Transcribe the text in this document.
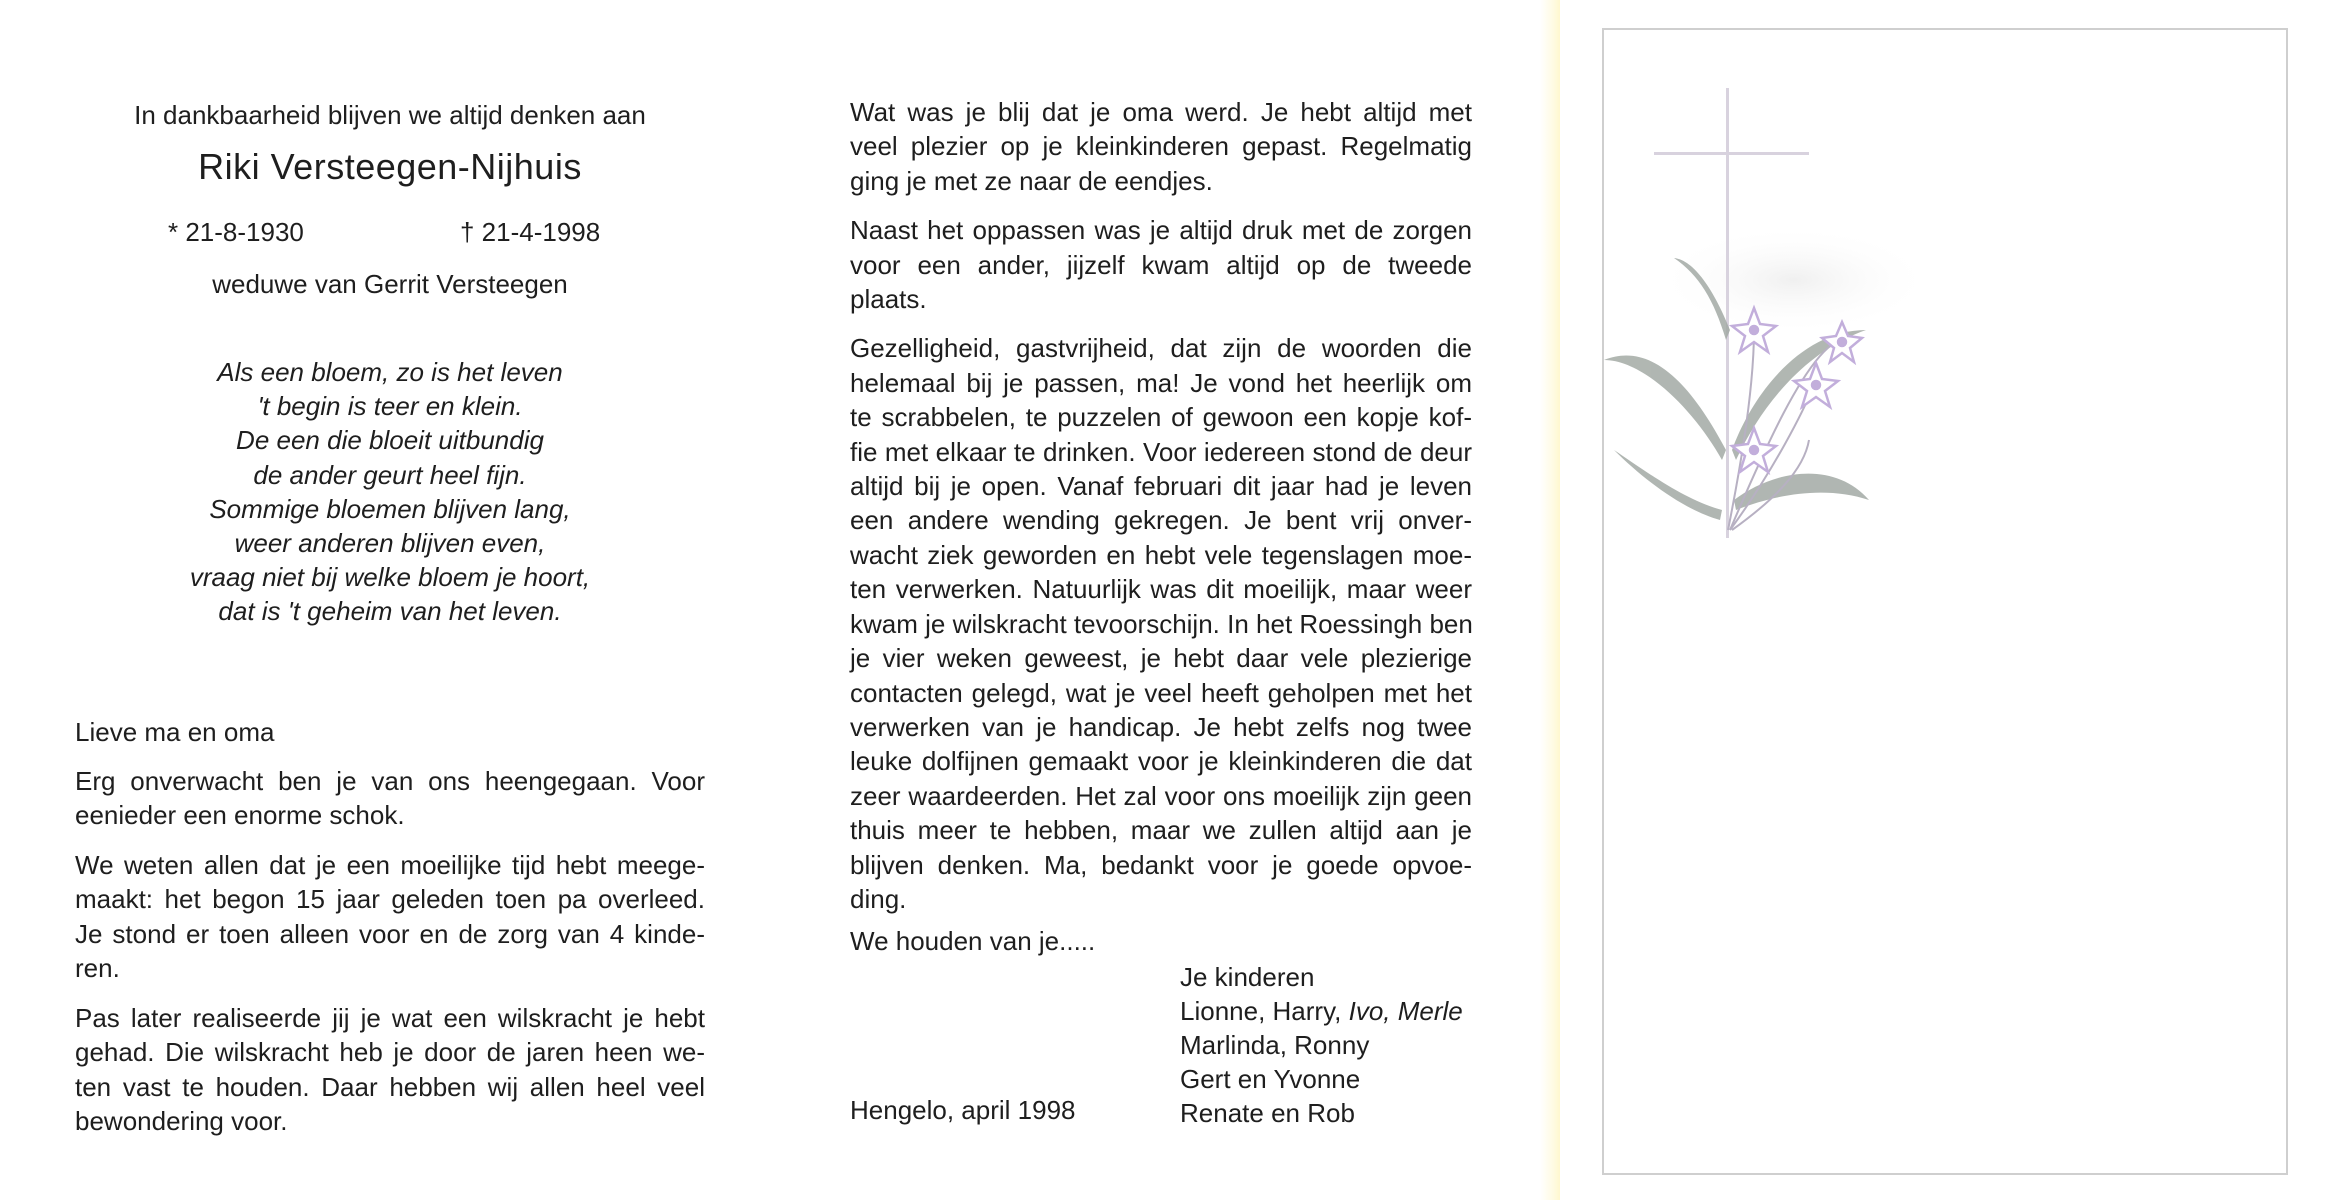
In dankbaarheid blijven we altijd denken aan
Riki Versteegen-Nijhuis
* 21-8-1930	† 21-4-1998
weduwe van Gerrit Versteegen
Als een bloem, zo is het leven
't begin is teer en klein.
De een die bloeit uitbundig
de ander geurt heel fijn.
Sommige bloemen blijven lang,
weer anderen blijven even,
vraag niet bij welke bloem je hoort,
dat is 't geheim van het leven.

Lieve ma en oma

Erg onverwacht ben je van ons heengegaan. Voor
eenieder een enorme schok.

We weten allen dat je een moeilijke tijd hebt meege-
maakt: het begon 15 jaar geleden toen pa overleed.
Je stond er toen alleen voor en de zorg van 4 kinde-
ren.

Pas later realiseerde jij je wat een wilskracht je hebt
gehad. Die wilskracht heb je door de jaren heen we-
ten vast te houden. Daar hebben wij allen heel veel
bewondering voor.

Wat was je blij dat je oma werd. Je hebt altijd met
veel plezier op je kleinkinderen gepast. Regelmatig
ging je met ze naar de eendjes.

Naast het oppassen was je altijd druk met de zorgen
voor een ander, jijzelf kwam altijd op de tweede
plaats.

Gezelligheid, gastvrijheid, dat zijn de woorden die
helemaal bij je passen, ma! Je vond het heerlijk om
te scrabbelen, te puzzelen of gewoon een kopje kof-
fie met elkaar te drinken. Voor iedereen stond de deur
altijd bij je open. Vanaf februari dit jaar had je leven
een andere wending gekregen. Je bent vrij onver-
wacht ziek geworden en hebt vele tegenslagen moe-
ten verwerken. Natuurlijk was dit moeilijk, maar weer
kwam je wilskracht tevoorschijn. In het Roessingh ben
je vier weken geweest, je hebt daar vele plezierige
contacten gelegd, wat je veel heeft geholpen met het
verwerken van je handicap. Je hebt zelfs nog twee
leuke dolfijnen gemaakt voor je kleinkinderen die dat
zeer waardeerden. Het zal voor ons moeilijk zijn geen
thuis meer te hebben, maar we zullen altijd aan je
blijven denken. Ma, bedankt voor je goede opvoe-
ding.

We houden van je.....
Je kinderen
Lionne, Harry, Ivo, Merle
Marlinda, Ronny
Gert en Yvonne
Renate en Rob
Hengelo, april 1998
